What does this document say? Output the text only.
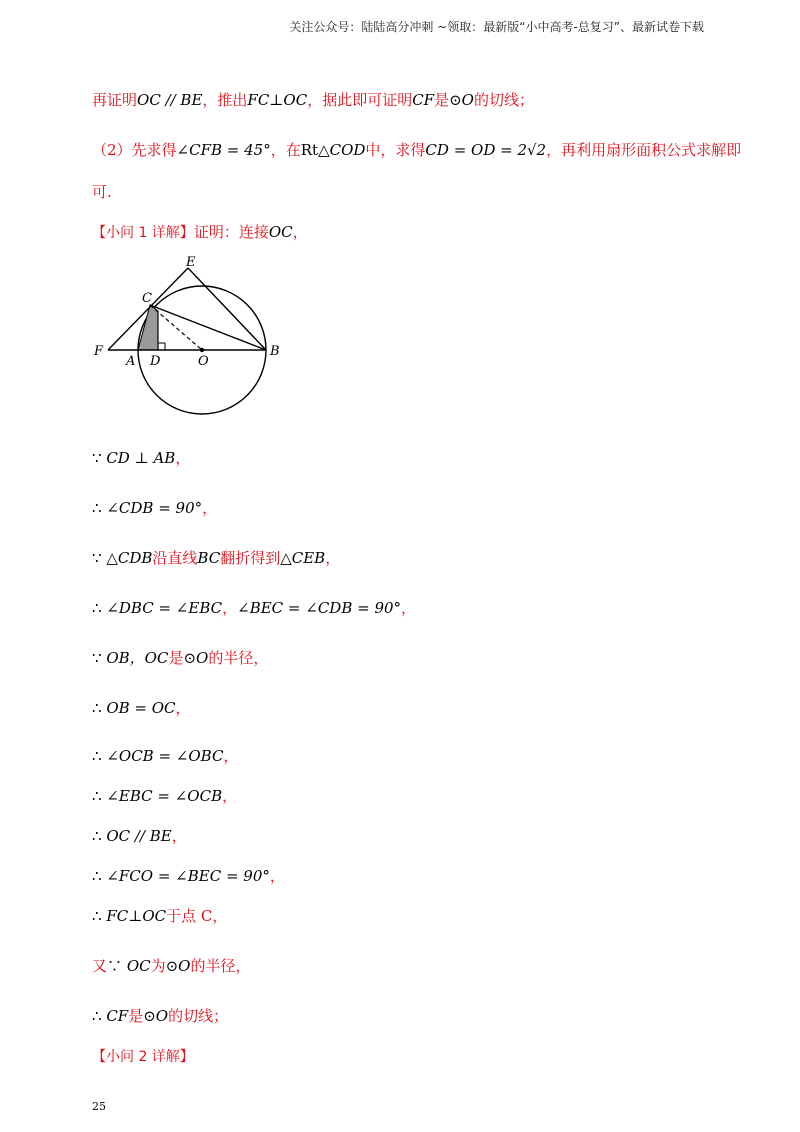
关注公众号：陆陆高分冲刺 ~领取：最新版“小中高考-总复习”、最新试卷下载
再证明OC // BE，推出FC⊥OC，据此即可证明CF是⊙O的切线；
（2）先求得∠CFB = 45°，在Rt△COD中，求得CD = OD = 2√2，再利用扇形面积公式求解即
可.
【小问 1 详解】证明：连接OC，
E
C
F
A D	O
B
∵ CD ⊥ AB，
∴ ∠CDB = 90°，
∵ △CDB沿直线BC翻折得到△CEB，
∴ ∠DBC = ∠EBC，∠BEC = ∠CDB = 90°，
∵ OB，OC是⊙O的半径，
∴ OB = OC，
∴ ∠OCB = ∠OBC，
∴ ∠EBC = ∠OCB，
∴ OC // BE，
∴ ∠FCO = ∠BEC = 90°，
∴ FC⊥OC于点 C，
又∵ OC为⊙O的半径，
∴ CF是⊙O的切线；
【小问 2 详解】
25
